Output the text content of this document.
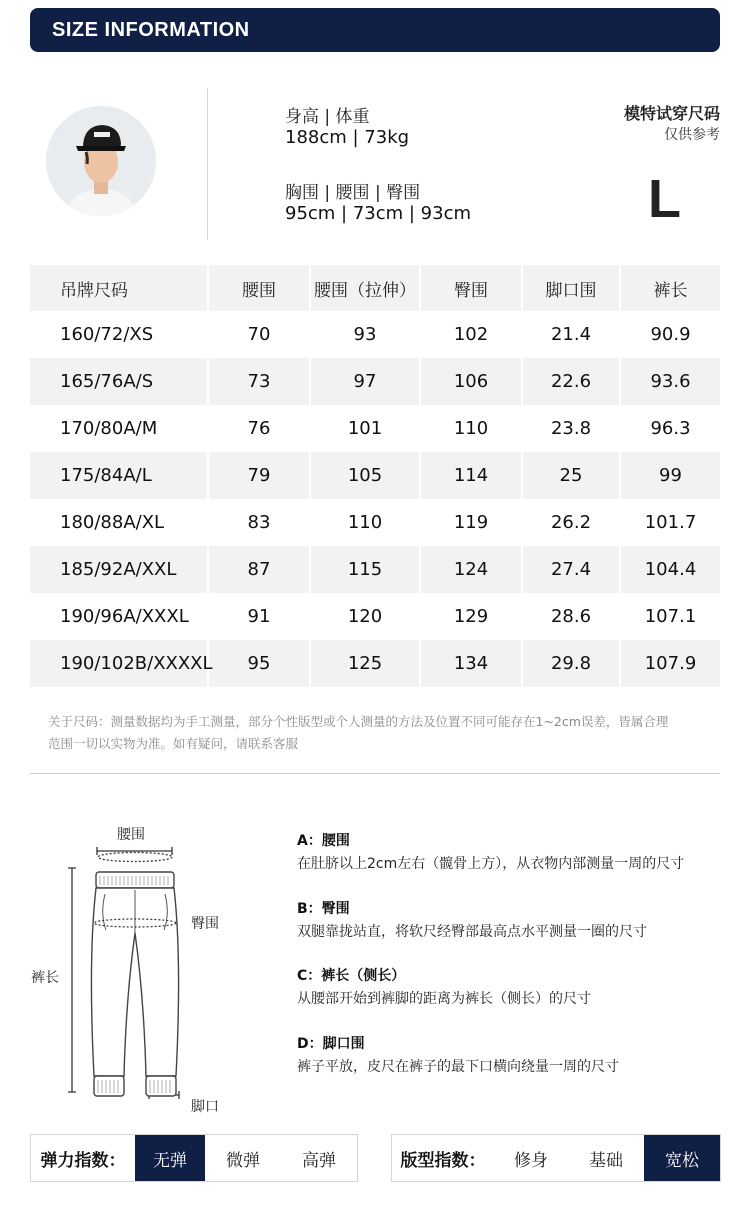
SIZE INFORMATION
身高 | 体重
188cm | 73kg
胸围 | 腰围 | 臀围
95cm | 73cm | 93cm
模特试穿尺码
仅供参考
L
吊牌尺码	腰围	腰围（拉伸）	臀围	脚口围	裤长
160/72/XS	70	93	102	21.4	90.9
165/76A/S	73	97	106	22.6	93.6
170/80A/M	76	101	110	23.8	96.3
175/84A/L	79	105	114	25	99
180/88A/XL	83	110	119	26.2	101.7
185/92A/XXL	87	115	124	27.4	104.4
190/96A/XXXL	91	120	129	28.6	107.1
190/102B/XXXXL	95	125	134	29.8	107.9
关于尺码：测量数据均为手工测量，部分个性版型或个人测量的方法及位置不同可能存在1~2cm误差，皆属合理
范围一切以实物为准。如有疑问，请联系客服
腰围
臀围
裤长
脚口
A：腰围
在肚脐以上2cm左右（髋骨上方），从衣物内部测量一周的尺寸
B：臀围
双腿靠拢站直，将软尺经臀部最高点水平测量一圈的尺寸
C：裤长（侧长）
从腰部开始到裤脚的距离为裤长（侧长）的尺寸
D：脚口围
裤子平放，皮尺在裤子的最下口横向绕量一周的尺寸
弹力指数：	无弹	微弹	高弹	版型指数：	修身	基础	宽松
